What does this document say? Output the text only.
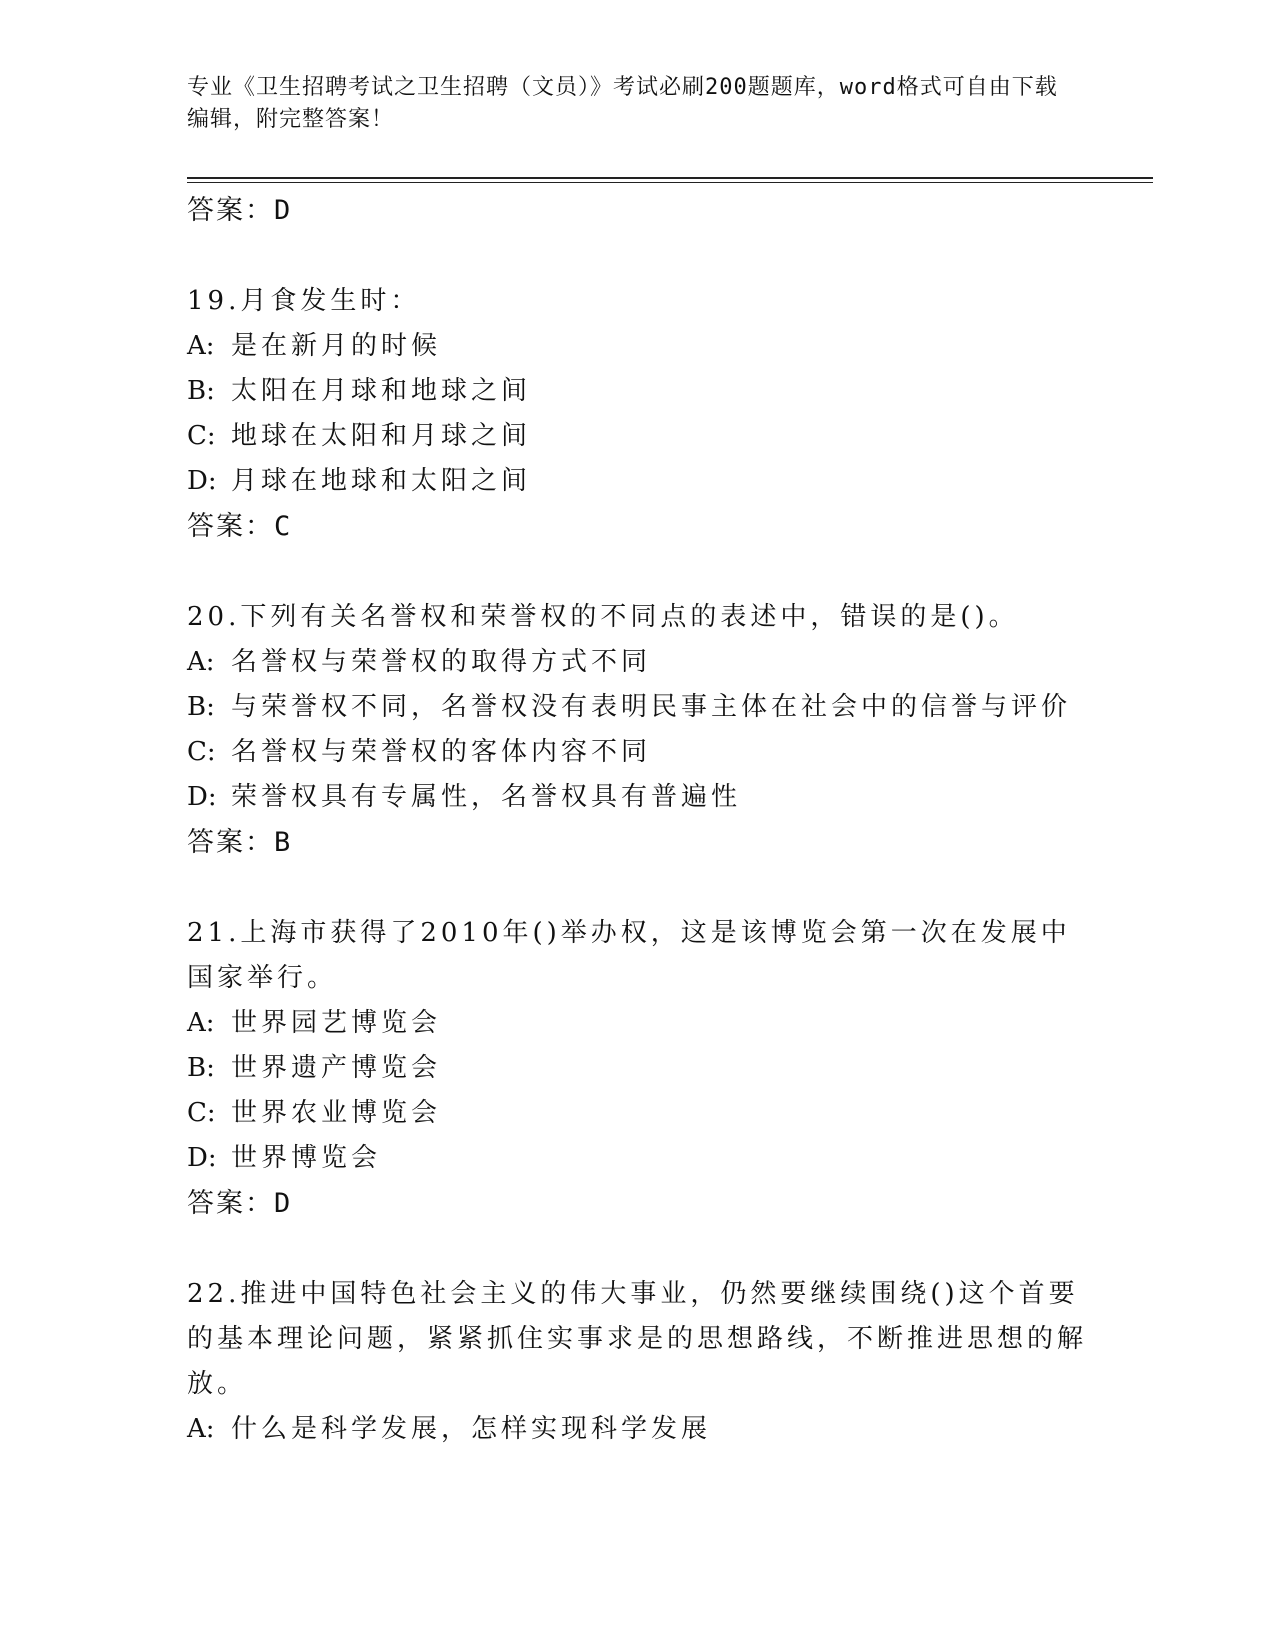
专业《卫生招聘考试之卫生招聘（文员）》考试必刷200题题库，word格式可自由下载编辑，附完整答案！
答案：D
19.月食发生时：
A: 是在新月的时候
B: 太阳在月球和地球之间
C: 地球在太阳和月球之间
D: 月球在地球和太阳之间
答案：C
20.下列有关名誉权和荣誉权的不同点的表述中，错误的是()。
A: 名誉权与荣誉权的取得方式不同
B: 与荣誉权不同，名誉权没有表明民事主体在社会中的信誉与评价
C: 名誉权与荣誉权的客体内容不同
D: 荣誉权具有专属性，名誉权具有普遍性
答案：B
21.上海市获得了2010年()举办权，这是该博览会第一次在发展中国家举行。
A: 世界园艺博览会
B: 世界遗产博览会
C: 世界农业博览会
D: 世界博览会
答案：D
22.推进中国特色社会主义的伟大事业，仍然要继续围绕()这个首要的基本理论问题，紧紧抓住实事求是的思想路线，不断推进思想的解放。
A: 什么是科学发展，怎样实现科学发展
